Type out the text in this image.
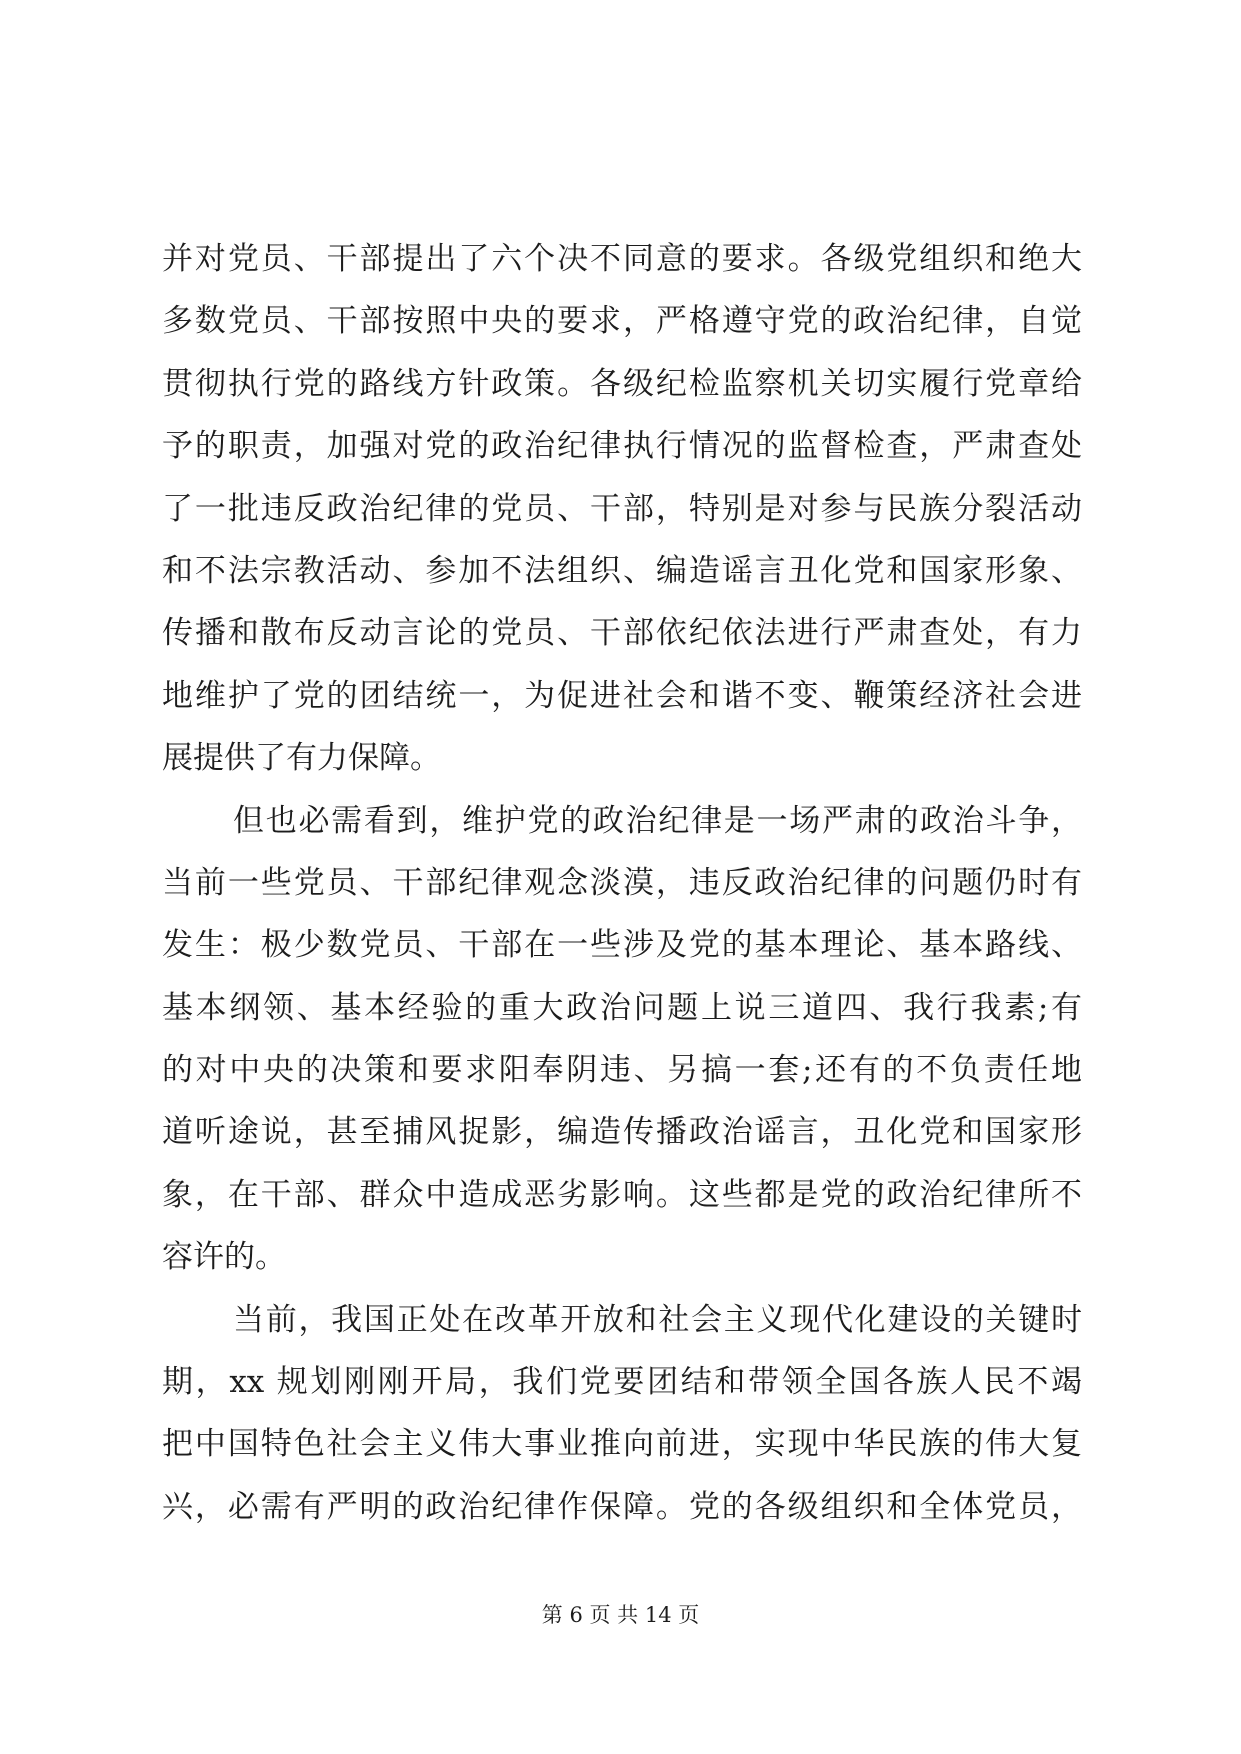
并对党员、干部提出了六个决不同意的要求。各级党组织和绝大
多数党员、干部按照中央的要求，严格遵守党的政治纪律，自觉
贯彻执行党的路线方针政策。各级纪检监察机关切实履行党章给
予的职责，加强对党的政治纪律执行情况的监督检查，严肃查处
了一批违反政治纪律的党员、干部，特别是对参与民族分裂活动
和不法宗教活动、参加不法组织、编造谣言丑化党和国家形象、
传播和散布反动言论的党员、干部依纪依法进行严肃查处，有力
地维护了党的团结统一，为促进社会和谐不变、鞭策经济社会进
展提供了有力保障。
但也必需看到，维护党的政治纪律是一场严肃的政治斗争，
当前一些党员、干部纪律观念淡漠，违反政治纪律的问题仍时有
发生：极少数党员、干部在一些涉及党的基本理论、基本路线、
基本纲领、基本经验的重大政治问题上说三道四、我行我素;有
的对中央的决策和要求阳奉阴违、另搞一套;还有的不负责任地
道听途说，甚至捕风捉影，编造传播政治谣言，丑化党和国家形
象，在干部、群众中造成恶劣影响。这些都是党的政治纪律所不
容许的。
当前，我国正处在改革开放和社会主义现代化建设的关键时
期，xx 规划刚刚开局，我们党要团结和带领全国各族人民不竭
把中国特色社会主义伟大事业推向前进，实现中华民族的伟大复
兴，必需有严明的政治纪律作保障。党的各级组织和全体党员，
第 6 页 共 14 页
